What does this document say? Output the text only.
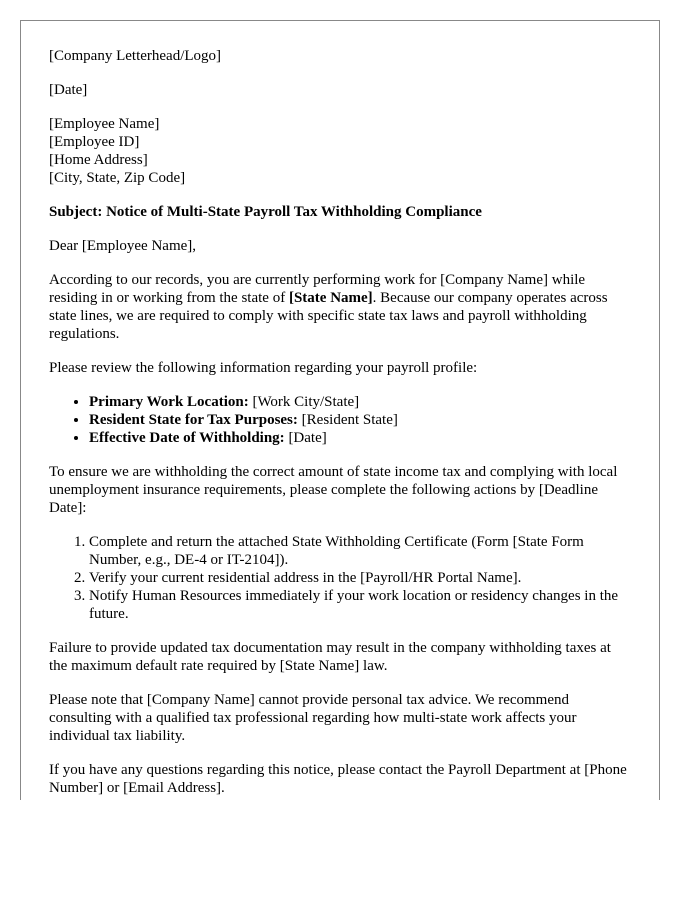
[Company Letterhead/Logo]

[Date]

[Employee Name]
[Employee ID]
[Home Address]
[City, State, Zip Code]

Subject: Notice of Multi-State Payroll Tax Withholding Compliance

Dear [Employee Name],

According to our records, you are currently performing work for [Company Name] while residing in or working from the state of [State Name]. Because our company operates across state lines, we are required to comply with specific state tax laws and payroll withholding regulations.

Please review the following information regarding your payroll profile:

• Primary Work Location: [Work City/State]
• Resident State for Tax Purposes: [Resident State]
• Effective Date of Withholding: [Date]

To ensure we are withholding the correct amount of state income tax and complying with local unemployment insurance requirements, please complete the following actions by [Deadline Date]:

1. Complete and return the attached State Withholding Certificate (Form [State Form Number, e.g., DE-4 or IT-2104]).
2. Verify your current residential address in the [Payroll/HR Portal Name].
3. Notify Human Resources immediately if your work location or residency changes in the future.

Failure to provide updated tax documentation may result in the company withholding taxes at the maximum default rate required by [State Name] law.

Please note that [Company Name] cannot provide personal tax advice. We recommend consulting with a qualified tax professional regarding how multi-state work affects your individual tax liability.

If you have any questions regarding this notice, please contact the Payroll Department at [Phone Number] or [Email Address].
